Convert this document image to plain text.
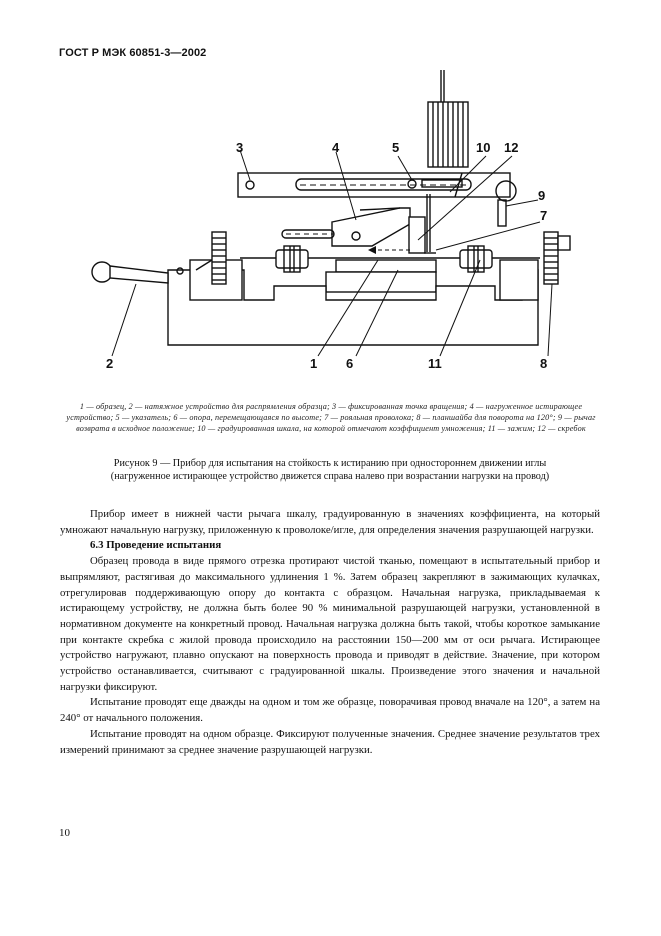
ГОСТ Р МЭК 60851-3—2002
3	4	5	10 12
9
7
2	1 6	11	8
1 — образец, 2 — натяжное устройство для распрямления образца; 3 — фиксированная точка вращения; 4 — нагруженное истирающее устройство; 5 — указатель; 6 — опора, перемещающаяся по высоте; 7 — рояльная проволока; 8 — планшайба для поворота на 120°; 9 — рычаг возврата в исходное положение; 10 — градуированная шкала, на которой отмечают коэффициент умножения; 11 — зажим; 12 — скребок
Рисунок 9 — Прибор для испытания на стойкость к истиранию при одностороннем движении иглы
(нагруженное истирающее устройство движется справа налево при возрастании нагрузки на провод)

Прибор имеет в нижней части рычага шкалу, градуированную в значениях коэффициента, на который умножают начальную нагрузку, приложенную к проволоке/игле, для определения значения разрушающей нагрузки.

6.3 Проведение испытания

Образец провода в виде прямого отрезка протирают чистой тканью, помещают в испытательный прибор и выпрямляют, растягивая до максимального удлинения 1 %. Затем образец закрепляют в зажимающих кулачках, отрегулировав поддерживающую опору до контакта с образцом. Начальная нагрузка, прикладываемая к истирающему устройству, не должна быть более 90 % минимальной разрушающей нагрузки, установленной в нормативном документе на конкретный провод. Начальная нагрузка должна быть такой, чтобы короткое замыкание при контакте скребка с жилой провода происходило на расстоянии 150—200 мм от оси рычага. Истирающее устройство нагружают, плавно опускают на поверхность провода и приводят в действие. Значение, при котором устройство останавливается, считывают с градуированной шкалы. Произведение этого значения и начальной нагрузки фиксируют.

Испытание проводят еще дважды на одном и том же образце, поворачивая провод вначале на 120°, а затем на 240° от начального положения.

Испытание проводят на одном образце. Фиксируют полученные значения. Среднее значение результатов трех измерений принимают за среднее значение разрушающей нагрузки.

10
